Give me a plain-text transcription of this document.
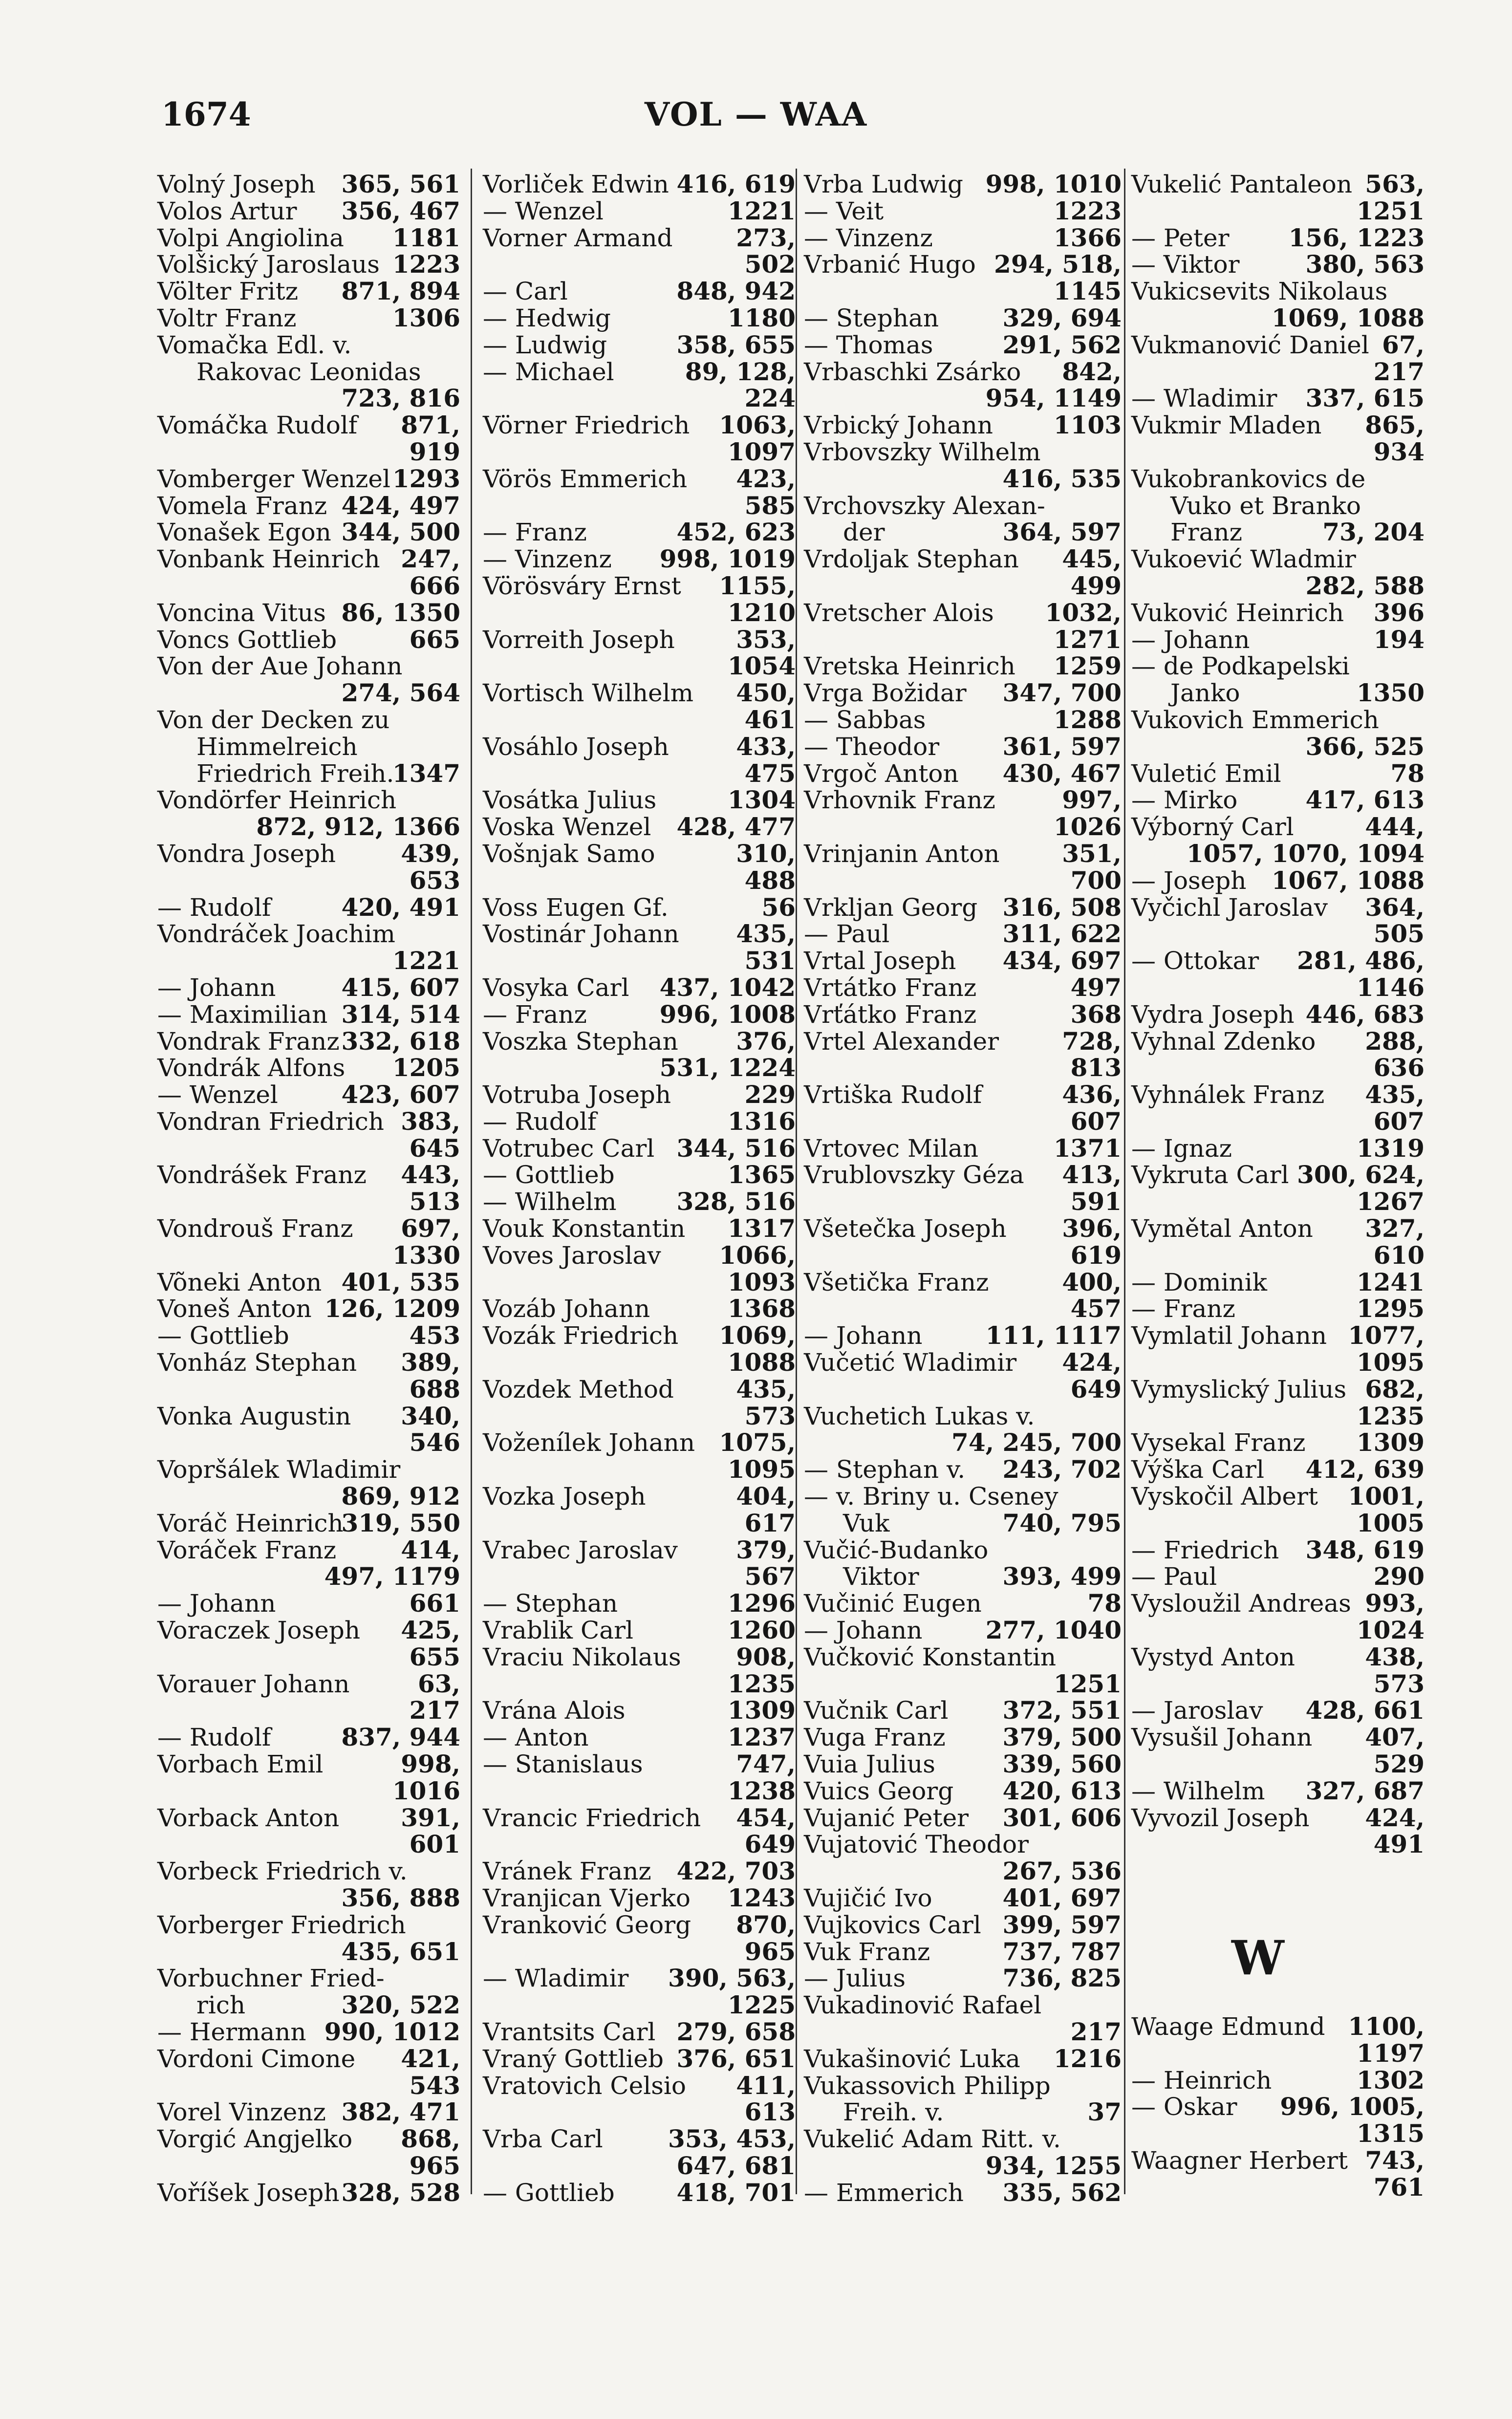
1674	VOL — WAA
Volný Joseph 365, 561
Volos Artur 356, 467
Volpi Angiolina 1181
Volšický Jaroslaus 1223
Völter Fritz 871, 894
Voltr Franz	1306
Vomačka Edl. v.
Rakovac Leonidas
723, 816
Vomáčka Rudolf 871,
919
Vomberger Wenzel 1293
Vomela Franz 424, 497
Vonašek Egon 344, 500
Vonbank Heinrich 247,
666
Voncina Vitus 86, 1350
Voncs Gottlieb	665
Von der Aue Johann
274, 564
Von der Decken zu
Himmelreich
Friedrich Freih.
1347
Vondörfer Heinrich
872, 912, 1366
Vondra Joseph	439,
653
— Rudolf	420, 491
Vondráček Joachim
1221
— Johann	415, 607
— Maximilian 314, 514
Vondrak Franz 332, 618
Vondrák Alfons 1205
— Wenzel	423, 607
Vondran Friedrich 383,
645
Vondrášek Franz 443,
513
Vondrouš Franz 697,
1330
Võneki Anton 401, 535
Voneš Anton 126, 1209
— Gottlieb	453
Vonház Stephan 389,
688
Vonka Augustin 340,
546
Vopršálek Wladimir
869, 912
Voráč Heinrich
319, 550
Voráček Franz	414,
497, 1179
— Johann	661
Voraczek Joseph 425,
655
Vorauer Johann	63,
217
— Rudolf	837, 944
Vorbach Emil	998,
1016
Vorback Anton	391,
601
Vorbeck Friedrich v.
356, 888
Vorberger Friedrich
435, 651
Vorbuchner Fried-
rich	320, 522
— Hermann 990, 1012
Vordoni Cimone 421,
543
Vorel Vinzenz 382, 471
Vorgić Angjelko 868,
965
Voříšek Joseph 328, 528
Vorliček Edwin 416, 619
— Wenzel	1221
Vorner Armand	273,
502
— Carl	848, 942
— Hedwig	1180
— Ludwig	358, 655
— Michael	89, 128,
224
Vörner Friedrich 1063,
1097
Vörös Emmerich 423,
585
— Franz	452, 623
— Vinzenz 998, 1019
Vörösváry Ernst 1155,
1210
Vorreith Joseph	353,
1054
Vortisch Wilhelm 450,
461
Vosáhlo Joseph	433,
475
Vosátka Julius	1304
Voska Wenzel 428, 477
Vošnjak Samo	310,
488
Voss Eugen Gf.	56
Vostinár Johann 435,
531
Vosyka Carl 437, 1042
— Franz	996, 1008
Voszka Stephan 376,
531, 1224
Votruba Joseph	229
— Rudolf	1316
Votrubec Carl 344, 516
— Gottlieb	1365
— Wilhelm 328, 516
Vouk Konstantin 1317
Voves Jaroslav 1066,
1093
Vozáb Johann	1368
Vozák Friedrich 1069,
1088
Vozdek Method	435,
573
Voženílek Johann 1075,
1095
Vozka Joseph	404,
617
Vrabec Jaroslav 379,
567
— Stephan	1296
Vrablik Carl	1260
Vraciu Nikolaus 908,
1235
Vrána Alois	1309
— Anton	1237
— Stanislaus	747,
1238
Vrancic Friedrich 454,
649
Vránek Franz 422, 703
Vranjican Vjerko 1243
Vranković Georg 870,
965
— Wladimir 390, 563,
1225
Vrantsits Carl 279, 658
Vraný Gottlieb 376, 651
Vratovich Celsio 411,
613
Vrba Carl	353, 453,
647, 681
— Gottlieb	418, 701
Vrba Ludwig 998, 1010
— Veit	1223
— Vinzenz	1366
Vrbanić Hugo 294, 518,
1145
— Stephan	329, 694
— Thomas	291, 562
Vrbaschki Zsárko 842,
954, 1149
Vrbický Johann 1103
Vrbovszky Wilhelm
416, 535
Vrchovszky Alexan-
der	364, 597
Vrdoljak Stephan 445,
499
Vretscher Alois 1032,
1271
Vretska Heinrich 1259
Vrga Božidar 347, 700
— Sabbas	1288
— Theodor	361, 597
Vrgoč Anton 430, 467
Vrhovnik Franz	997,
1026
Vrinjanin Anton	351,
700
Vrkljan Georg 316, 508
— Paul	311, 622
Vrtal Joseph 434, 697
Vrtátko Franz	497
Vrťátko Franz	368
Vrtel Alexander	728,
813
Vrtiška Rudolf	436,
607
Vrtovec Milan	1371
Vrublovszky Géza 413,
591
Všetečka Joseph 396,
619
Všetička Franz	400,
457
— Johann	111, 1117
Vučetić Wladimir 424,
649
Vuchetich Lukas v.
74, 245, 700
— Stephan v. 243, 702
— v. Briny u. Cseney
Vuk	740, 795
Vučić-Budanko
Viktor	393, 499
Vučinić Eugen	78
— Johann	277, 1040
Vučković Konstantin
1251
Vučnik Carl 372, 551
Vuga Franz 379, 500
Vuia Julius	339, 560
Vuics Georg 420, 613
Vujanić Peter 301, 606
Vujatović Theodor
267, 536
Vujičić Ivo	401, 697
Vujkovics Carl 399, 597
Vuk Franz	737, 787
— Julius	736, 825
Vukadinović Rafael
217
Vukašinović Luka 1216
Vukassovich Philipp
Freih. v.	37
Vukelić Adam Ritt. v.
934, 1255
— Emmerich 335, 562
Vukelić Pantaleon 563,
1251
— Peter 156, 1223
— Viktor	380, 563
Vukicsevits Nikolaus
1069, 1088
Vukmanović Daniel 67,
217
— Wladimir 337, 615
Vukmir Mladen 865,
934
Vukobrankovics de
Vuko et Branko
Franz	73, 204
Vukoević Wladmir
282, 588
Vuković Heinrich 396
— Johann	194
— de Podkapelski
Janko	1350
Vukovich Emmerich
366, 525
Vuletić Emil	78
— Mirko	417, 613
Výborný Carl	444,
1057, 1070, 1094
— Joseph 1067, 1088
Vyčichl Jaroslav 364,
505
— Ottokar 281, 486,
1146
Vydra Joseph 446, 683
Vyhnal Zdenko 288,
636
Vyhnálek Franz 435,
607
— Ignaz	1319
Vykruta Carl 300, 624,
1267
Vymětal Anton 327,
610
— Dominik	1241
— Franz	1295
Vymlatil Johann 1077,
1095
Vymyslický Julius 682,
1235
Vysekal Franz 1309
Výška Carl 412, 639
Vyskočil Albert 1001,
1005
— Friedrich 348, 619
— Paul	290
Vysloužil Andreas 993,
1024
Vystyd Anton	438,
573
— Jaroslav 428, 661
Vysušil Johann 407,
529
— Wilhelm 327, 687
Vyvozil Joseph 424,
491
W
Waage Edmund 1100,
1197
— Heinrich	1302
— Oskar 996, 1005,
1315
Waagner Herbert 743,
761
